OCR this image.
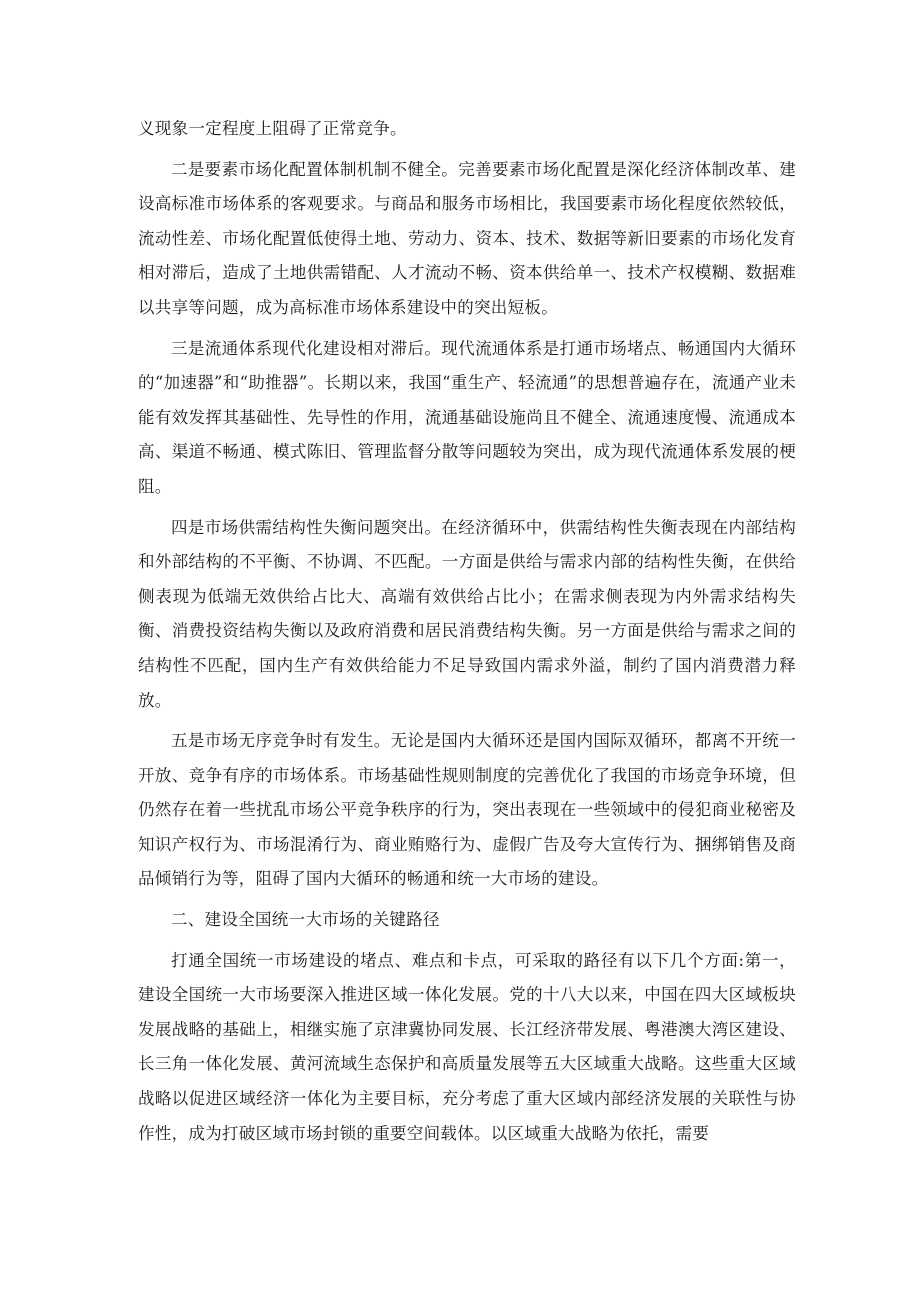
义现象一定程度上阻碍了正常竞争。

二是要素市场化配置体制机制不健全。完善要素市场化配置是深化经济体制改革、建设高标准市场体系的客观要求。与商品和服务市场相比，我国要素市场化程度依然较低，流动性差、市场化配置低使得土地、劳动力、资本、技术、数据等新旧要素的市场化发育相对滞后，造成了土地供需错配、人才流动不畅、资本供给单一、技术产权模糊、数据难以共享等问题，成为高标准市场体系建设中的突出短板。

三是流通体系现代化建设相对滞后。现代流通体系是打通市场堵点、畅通国内大循环的“加速器”和“助推器”。长期以来，我国“重生产、轻流通”的思想普遍存在，流通产业未能有效发挥其基础性、先导性的作用，流通基础设施尚且不健全、流通速度慢、流通成本高、渠道不畅通、模式陈旧、管理监督分散等问题较为突出，成为现代流通体系发展的梗阻。

四是市场供需结构性失衡问题突出。在经济循环中，供需结构性失衡表现在内部结构和外部结构的不平衡、不协调、不匹配。一方面是供给与需求内部的结构性失衡，在供给侧表现为低端无效供给占比大、高端有效供给占比小；在需求侧表现为内外需求结构失衡、消费投资结构失衡以及政府消费和居民消费结构失衡。另一方面是供给与需求之间的结构性不匹配，国内生产有效供给能力不足导致国内需求外溢，制约了国内消费潜力释放。

五是市场无序竞争时有发生。无论是国内大循环还是国内国际双循环，都离不开统一开放、竞争有序的市场体系。市场基础性规则制度的完善优化了我国的市场竞争环境，但仍然存在着一些扰乱市场公平竞争秩序的行为，突出表现在一些领域中的侵犯商业秘密及知识产权行为、市场混淆行为、商业贿赂行为、虚假广告及夸大宣传行为、捆绑销售及商品倾销行为等，阻碍了国内大循环的畅通和统一大市场的建设。

二、建设全国统一大市场的关键路径

打通全国统一市场建设的堵点、难点和卡点，可采取的路径有以下几个方面:第一，建设全国统一大市场要深入推进区域一体化发展。党的十八大以来，中国在四大区域板块发展战略的基础上，相继实施了京津冀协同发展、长江经济带发展、粤港澳大湾区建设、长三角一体化发展、黄河流域生态保护和高质量发展等五大区域重大战略。这些重大区域战略以促进区域经济一体化为主要目标，充分考虑了重大区域内部经济发展的关联性与协作性，成为打破区域市场封锁的重要空间载体。以区域重大战略为依托，需要
